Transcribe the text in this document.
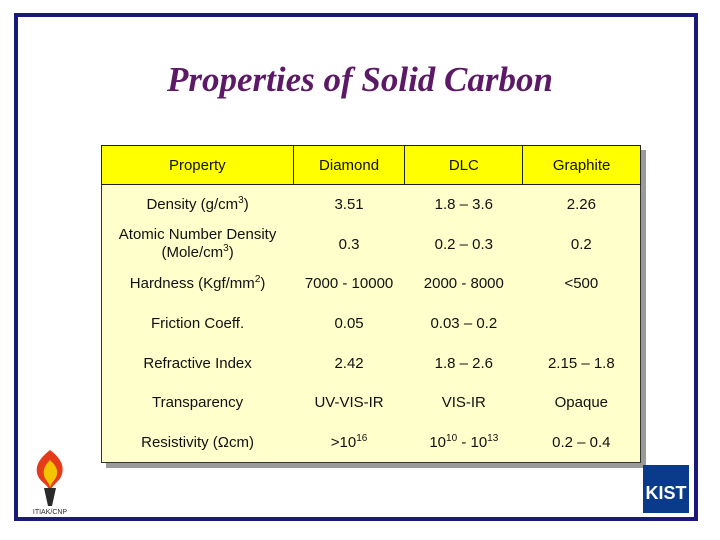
Properties of Solid Carbon
Property	Diamond	DLC	Graphite
Density $(g/cm^3)$	3.51	1.8 – 3.6	2.26
Atomic Number Density
$(Mole/cm^3)$	0.3	0.2 – 0.3	0.2
Hardness $(Kgf/mm^2)$	7000 - 10000	2000 - 8000	<500
Friction Coeff.	0.05	0.03 – 0.2	
Refractive Index	2.42	1.8 – 2.6	2.15 – 1.8
Transparency	UV-VIS-IR	VIS-IR	Opaque
Resistivity (Ωcm)	$>10^{16}$	$10^{10} - 10^{13}$	0.2 – 0.4
ITIAK/CNP
KIST
